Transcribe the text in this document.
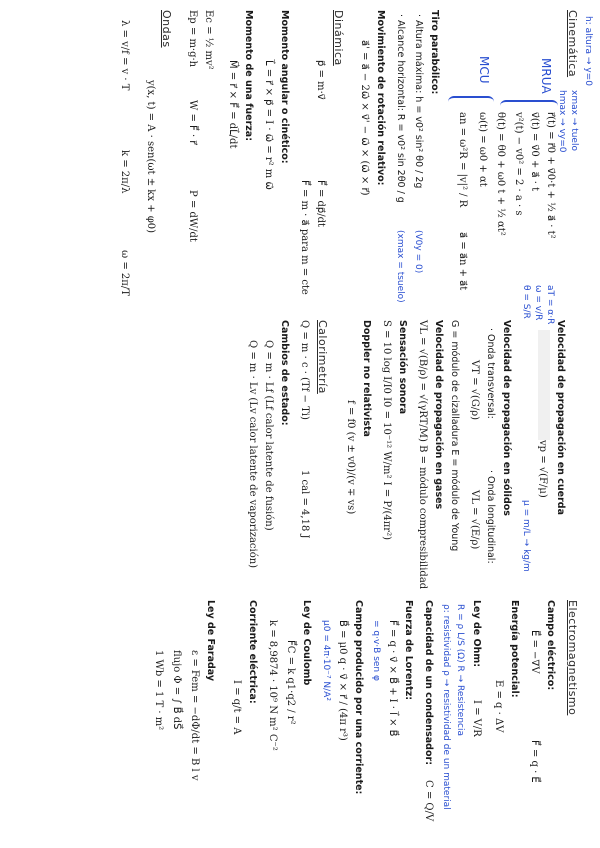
h: altura → y=0
Cinemática
xmax → tuelo
hmax → vy=0
MRUA
r⃗(t) = r⃗0 + v⃗0·t + ½ a⃗ · t²
v⃗(t) = v⃗0 + a⃗ · t
v²(t) − v0² = 2 · a · s
aT = α·R
ω = v/R
θ = S/R
θ(t) = θ0 + ω0 t + ½ αt²
MCU
ω(t) = ω0 + αt
an = ω²R = |v|² / R
a⃗ = a⃗n + a⃗t
Tiro parabólico:
· Altura máxima: h = v0² sin² θ0 / 2g
(V0y = 0)
· Alcance horizontal: R = v0² sin 2θ0 / g
(xmax = tsuelo)
Movimiento de rotación relativo:
a⃗' = a⃗ − 2ω⃗ × v⃗' − ω⃗ × (ω⃗ × r⃗)
Dinámica
p⃗ = m·v⃗
F⃗ = dp⃗/dt
F⃗ = m · a⃗ para m = cte
Momento angular o cinético:
L⃗ = r⃗ × p⃗ = I · ω⃗ = r² m ω⃗
Momento de una fuerza:
M⃗ = r⃗ × F⃗ = dL⃗/dt
Ec = ½ mv²
Ep = m·g·h
W = F⃗ · r⃗
P = dW/dt
Ondas
y(x, t) = A · sen(ωt ± kx + φ0)
λ = v/f = v · T
k = 2π/λ
ω = 2π/T
Velocidad de propagación en cuerda
vp = √(F/μ)
μ = m/L → kg/m
Velocidad de propagación en sólidos
· Onda transversal:
· Onda longitudinal:
VT = √(G/ρ)
VL = √(E/ρ)
G = módulo de cizalladura E = módulo de Young
Velocidad de propagación en gases
VL = √(B/ρ) = √(γRT/M) B = módulo compresibilidad
Sensación sonora
S = 10 log I/I0 I0 = 10⁻¹² W/m² I = P/(4πr²)
Doppler no relativista
f = f0 (v ± v0)/(v ∓ vs)
Calorimetría
Q = m · c · (Tf − Ti)
1 cal = 4,18 J
Cambios de estado:
Q = m · Lf (Lf calor latente de fusión)
Q = m · Lv (Lv calor latente de vaporización)
Electromagnetismo
Campo eléctrico:
E⃗ = −∇V
F⃗ = q · E⃗
Energía potencial:
E = q · ΔV
Ley de Ohm:
I = V/R
R = ρ L/S (Ω) R → Resistencia
ρ: resistividad ρ → resistividad de un material
Capacidad de un condensador:
C = Q/V
Fuerza de Lorentz:
F⃗ = q · v⃗ × B⃗ + I · l⃗ × B⃗
= q·v·B sen φ
Campo producido por una corriente:
B⃗ = μ0 q · v⃗ × r⃗ / (4π r³)
μ0 = 4π·10⁻⁷ N/A²
Ley de Coulomb
F⃗C = k q1·q2 / r²
k = 8,9874 · 10⁹ N m² C⁻²
Corriente eléctrica:
I = q/t = A
Ley de Faraday
ε = Fem = −dΦ/dt = B l v
flujo Φ = ∫ B⃗ dS⃗
1 Wb = 1 T · m²
